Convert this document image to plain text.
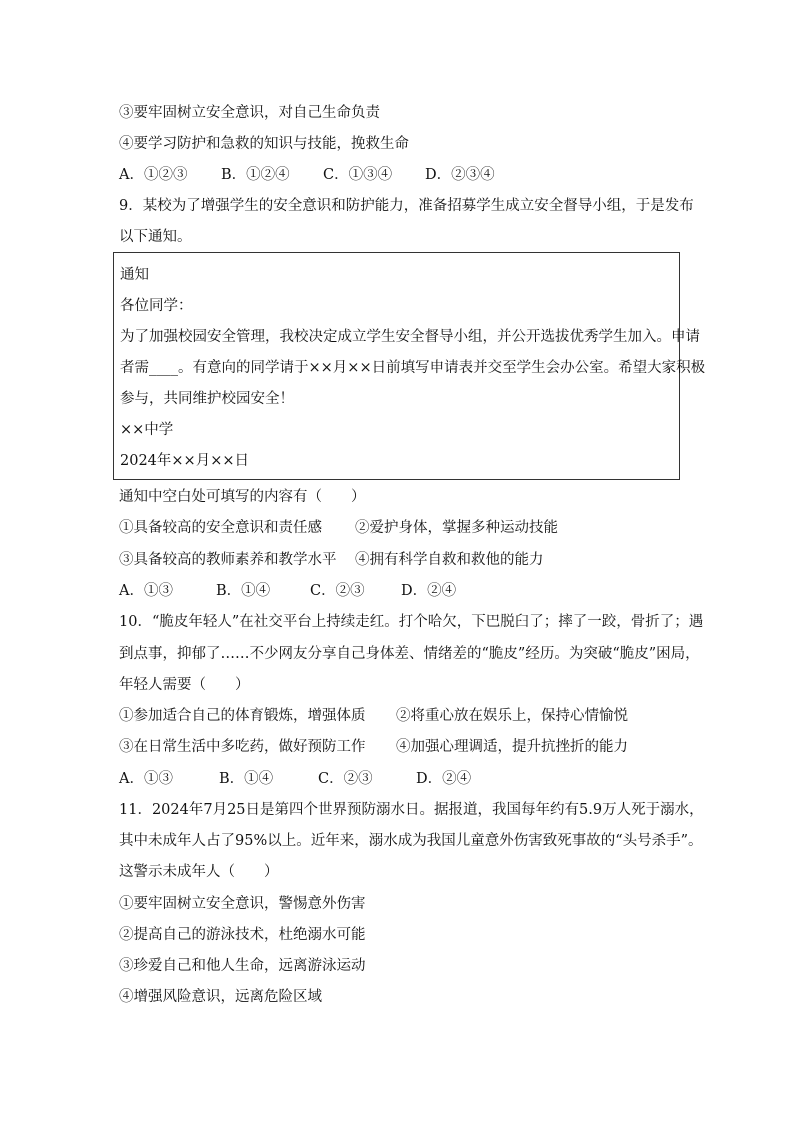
③要牢固树立安全意识，对自己生命负责
④要学习防护和急救的知识与技能，挽救生命
A．①②③ B．①②④ C．①③④ D．②③④
9．某校为了增强学生的安全意识和防护能力，准备招募学生成立安全督导小组，于是发布
以下通知。
通知
各位同学：
为了加强校园安全管理，我校决定成立学生安全督导小组，并公开选拔优秀学生加入。申请
者需____。有意向的同学请于××月××日前填写申请表并交至学生会办公室。希望大家积极
参与，共同维护校园安全！
××中学
2024年××月××日
通知中空白处可填写的内容有（　　）
①具备较高的安全意识和责任感 ②爱护身体，掌握多种运动技能
③具备较高的教师素养和教学水平 ④拥有科学自救和救他的能力
A．①③	B．①④	C．②③	D．②④
10．“脆皮年轻人”在社交平台上持续走红。打个哈欠，下巴脱臼了；摔了一跤，骨折了；遇
到点事，抑郁了……不少网友分享自己身体差、情绪差的“脆皮”经历。为突破“脆皮”困局，
年轻人需要（　　）
①参加适合自己的体育锻炼，增强体质 ②将重心放在娱乐上，保持心情愉悦
③在日常生活中多吃药，做好预防工作 ④加强心理调适，提升抗挫折的能力
A．①③	B．①④	C．②③	D．②④
11．2024年7月25日是第四个世界预防溺水日。据报道，我国每年约有5.9万人死于溺水，
其中未成年人占了95%以上。近年来，溺水成为我国儿童意外伤害致死事故的“头号杀手”。
这警示未成年人（　　）
①要牢固树立安全意识，警惕意外伤害
②提高自己的游泳技术，杜绝溺水可能
③珍爱自己和他人生命，远离游泳运动
④增强风险意识，远离危险区域
